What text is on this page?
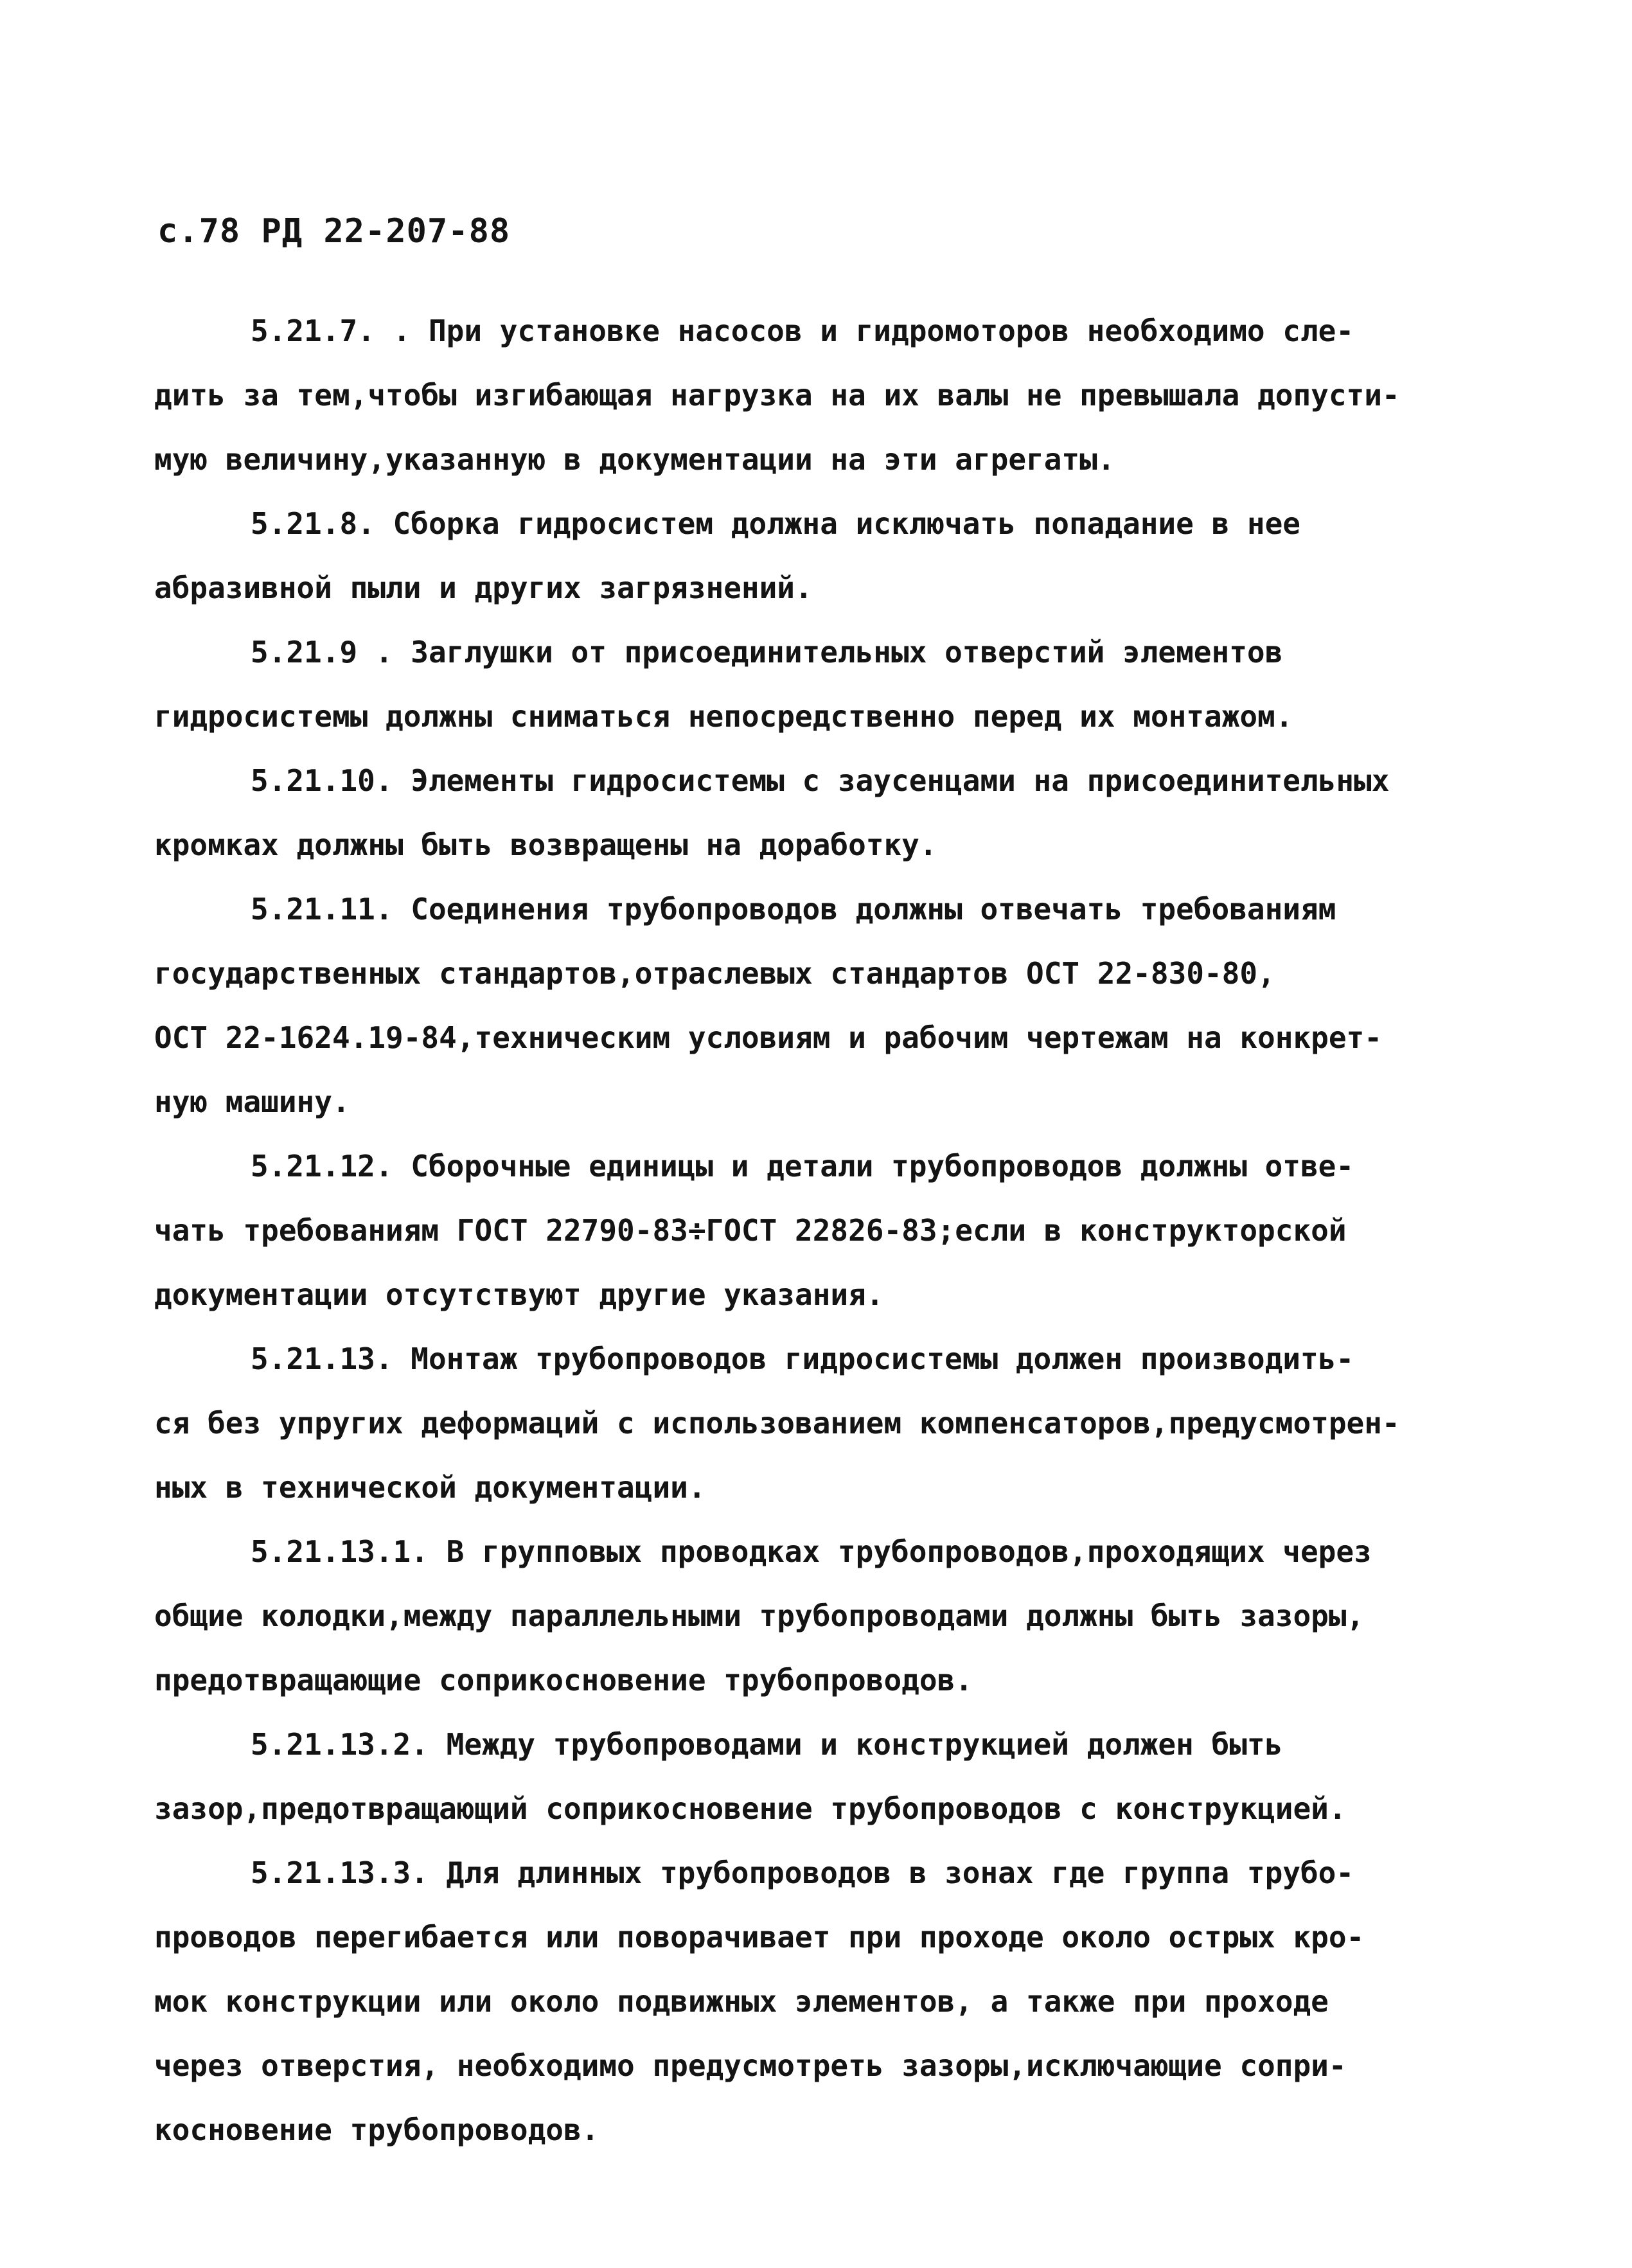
с.78 РД 22-207-88
5.21.7. . При установке насосов и гидромоторов необходимо сле-
дить за тем,чтобы изгибающая нагрузка на их валы не превышала допусти-
мую величину,указанную в документации на эти агрегаты.
5.21.8. Сборка гидросистем должна исключать попадание в нее
абразивной пыли и других загрязнений.
5.21.9 . Заглушки от присоединительных отверстий элементов
гидросистемы должны сниматься непосредственно перед их монтажом.
5.21.10. Элементы гидросистемы с заусенцами на присоединительных
кромках должны быть возвращены на доработку.
5.21.11. Соединения трубопроводов должны отвечать требованиям
государственных стандартов,отраслевых стандартов ОСТ 22-830-80,
ОСТ 22-1624.19-84,техническим условиям и рабочим чертежам на конкрет-
ную машину.
5.21.12. Сборочные единицы и детали трубопроводов должны отве-
чать требованиям ГОСТ 22790-83÷ГОСТ 22826-83;если в конструкторской
документации отсутствуют другие указания.
5.21.13. Монтаж трубопроводов гидросистемы должен производить-
ся без упругих деформаций с использованием компенсаторов,предусмотрен-
ных в технической документации.
5.21.13.1. В групповых проводках трубопроводов,проходящих через
общие колодки,между параллельными трубопроводами должны быть зазоры,
предотвращающие соприкосновение трубопроводов.
5.21.13.2. Между трубопроводами и конструкцией должен быть
зазор,предотвращающий соприкосновение трубопроводов с конструкцией.
5.21.13.3. Для длинных трубопроводов в зонах где группа трубо-
проводов перегибается или поворачивает при проходе около острых кро-
мок конструкции или около подвижных элементов, а также при проходе
через отверстия, необходимо предусмотреть зазоры,исключающие сопри-
косновение трубопроводов.
